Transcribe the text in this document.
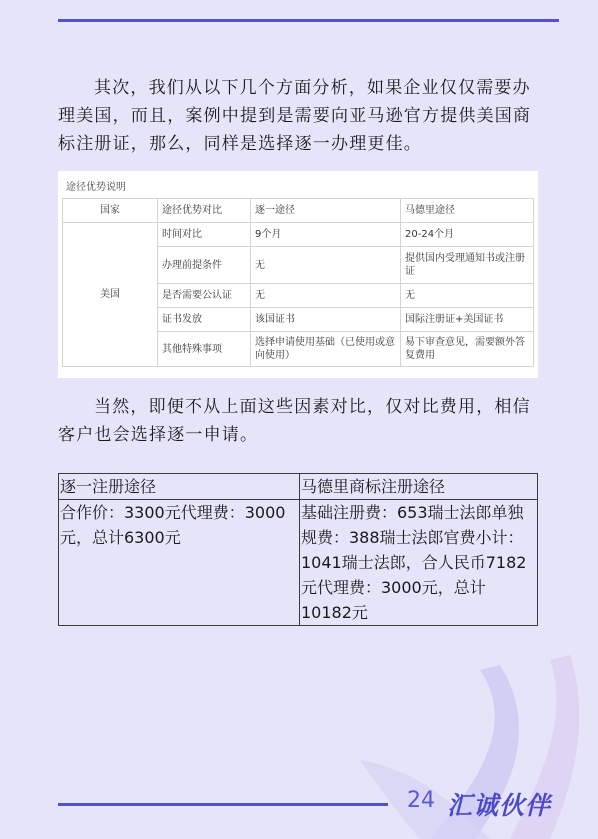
其次，我们从以下几个方面分析，如果企业仅仅需要办理美国，而且，案例中提到是需要向亚马逊官方提供美国商标注册证，那么，同样是选择逐一办理更佳。

途径优势说明
国家	途径优势对比	逐一途径	马德里途径
美国	时间对比	9个月	20-24个月
	办理前提条件	无	提供国内受理通知书或注册证
	是否需要公认证	无	无
	证书发放	该国证书	国际注册证+美国证书
	其他特殊事项	选择申请使用基础（已使用或意向使用）	易下审查意见，需要额外答复费用

当然，即便不从上面这些因素对比，仅对比费用，相信客户也会选择逐一申请。

逐一注册途径	马德里商标注册途径
合作价：3300元代理费：3000元，总计6300元	基础注册费：653瑞士法郎单独规费：388瑞士法郎官费小计：1041瑞士法郎，合人民币7182元代理费：3000元，总计10182元
24 汇诚伙伴
